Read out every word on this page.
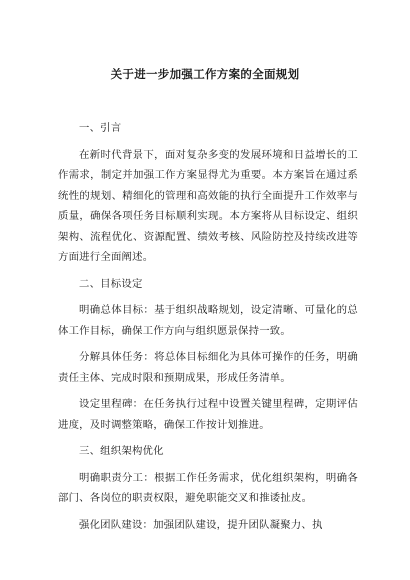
关于进一步加强工作方案的全面规划

一、引言

在新时代背景下，面对复杂多变的发展环境和日益增长的工作需求，制定并加强工作方案显得尤为重要。本方案旨在通过系统性的规划、精细化的管理和高效能的执行全面提升工作效率与质量，确保各项任务目标顺利实现。本方案将从目标设定、组织架构、流程优化、资源配置、绩效考核、风险防控及持续改进等方面进行全面阐述。

二、目标设定

明确总体目标：基于组织战略规划，设定清晰、可量化的总体工作目标，确保工作方向与组织愿景保持一致。

分解具体任务：将总体目标细化为具体可操作的任务，明确责任主体、完成时限和预期成果，形成任务清单。

设定里程碑：在任务执行过程中设置关键里程碑，定期评估进度，及时调整策略，确保工作按计划推进。

三、组织架构优化

明确职责分工：根据工作任务需求，优化组织架构，明确各部门、各岗位的职责权限，避免职能交叉和推诿扯皮。

强化团队建设：加强团队建设，提升团队凝聚力、执
